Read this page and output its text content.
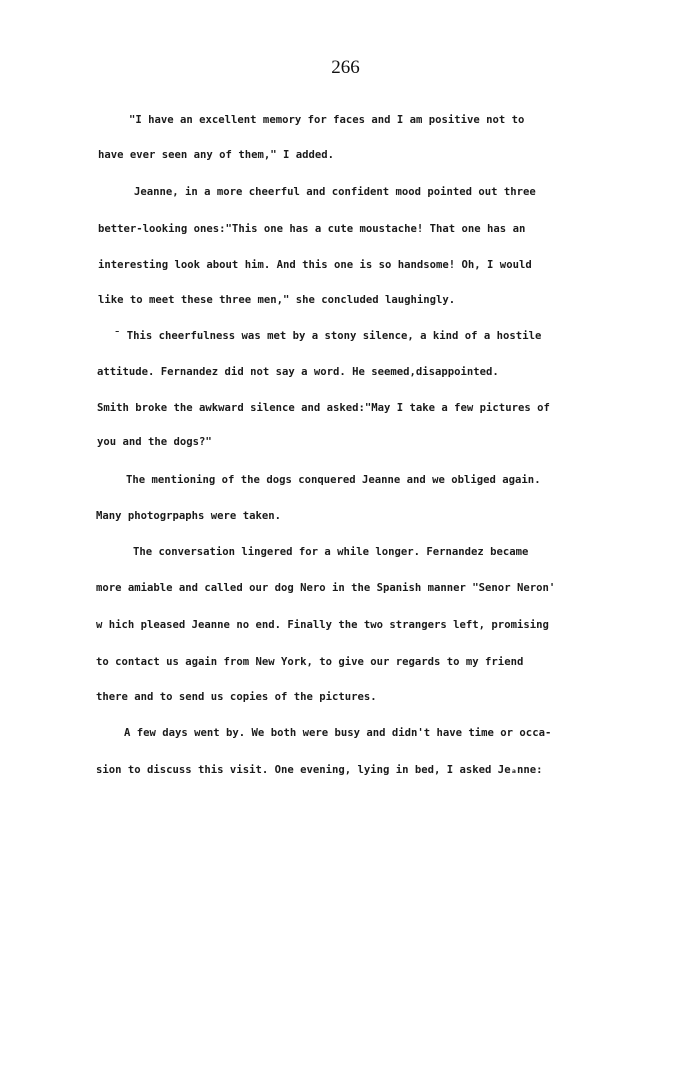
266
"I have an excellent memory for faces and I am positive not to
have ever seen any of them," I added.
Jeanne, in a more cheerful and confident mood pointed out three
better-looking ones:"This one has a cute moustache! That one has an
interesting look about him. And this one is so handsome! Oh, I would
like to meet these three men," she concluded laughingly.
ˉ This cheerfulness was met by a stony silence, a kind of a hostile
attitude. Fernandez did not say a word. He seemed,disappointed.
Smith broke the awkward silence and asked:"May I take a few pictures of
you and the dogs?"
The mentioning of the dogs conquered Jeanne and we obliged again.
Many photogrpaphs were taken.
The conversation lingered for a while longer. Fernandez became
more amiable and called our dog Nero in the Spanish manner "Senor Neron'
w hich pleased Jeanne no end. Finally the two strangers left, promising
to contact us again from New York, to give our regards to my friend
there and to send us copies of the pictures.
A few days went by. We both were busy and didn't have time or occa-
sion to discuss this visit. One evening, lying in bed, I asked Jeₐnne:
